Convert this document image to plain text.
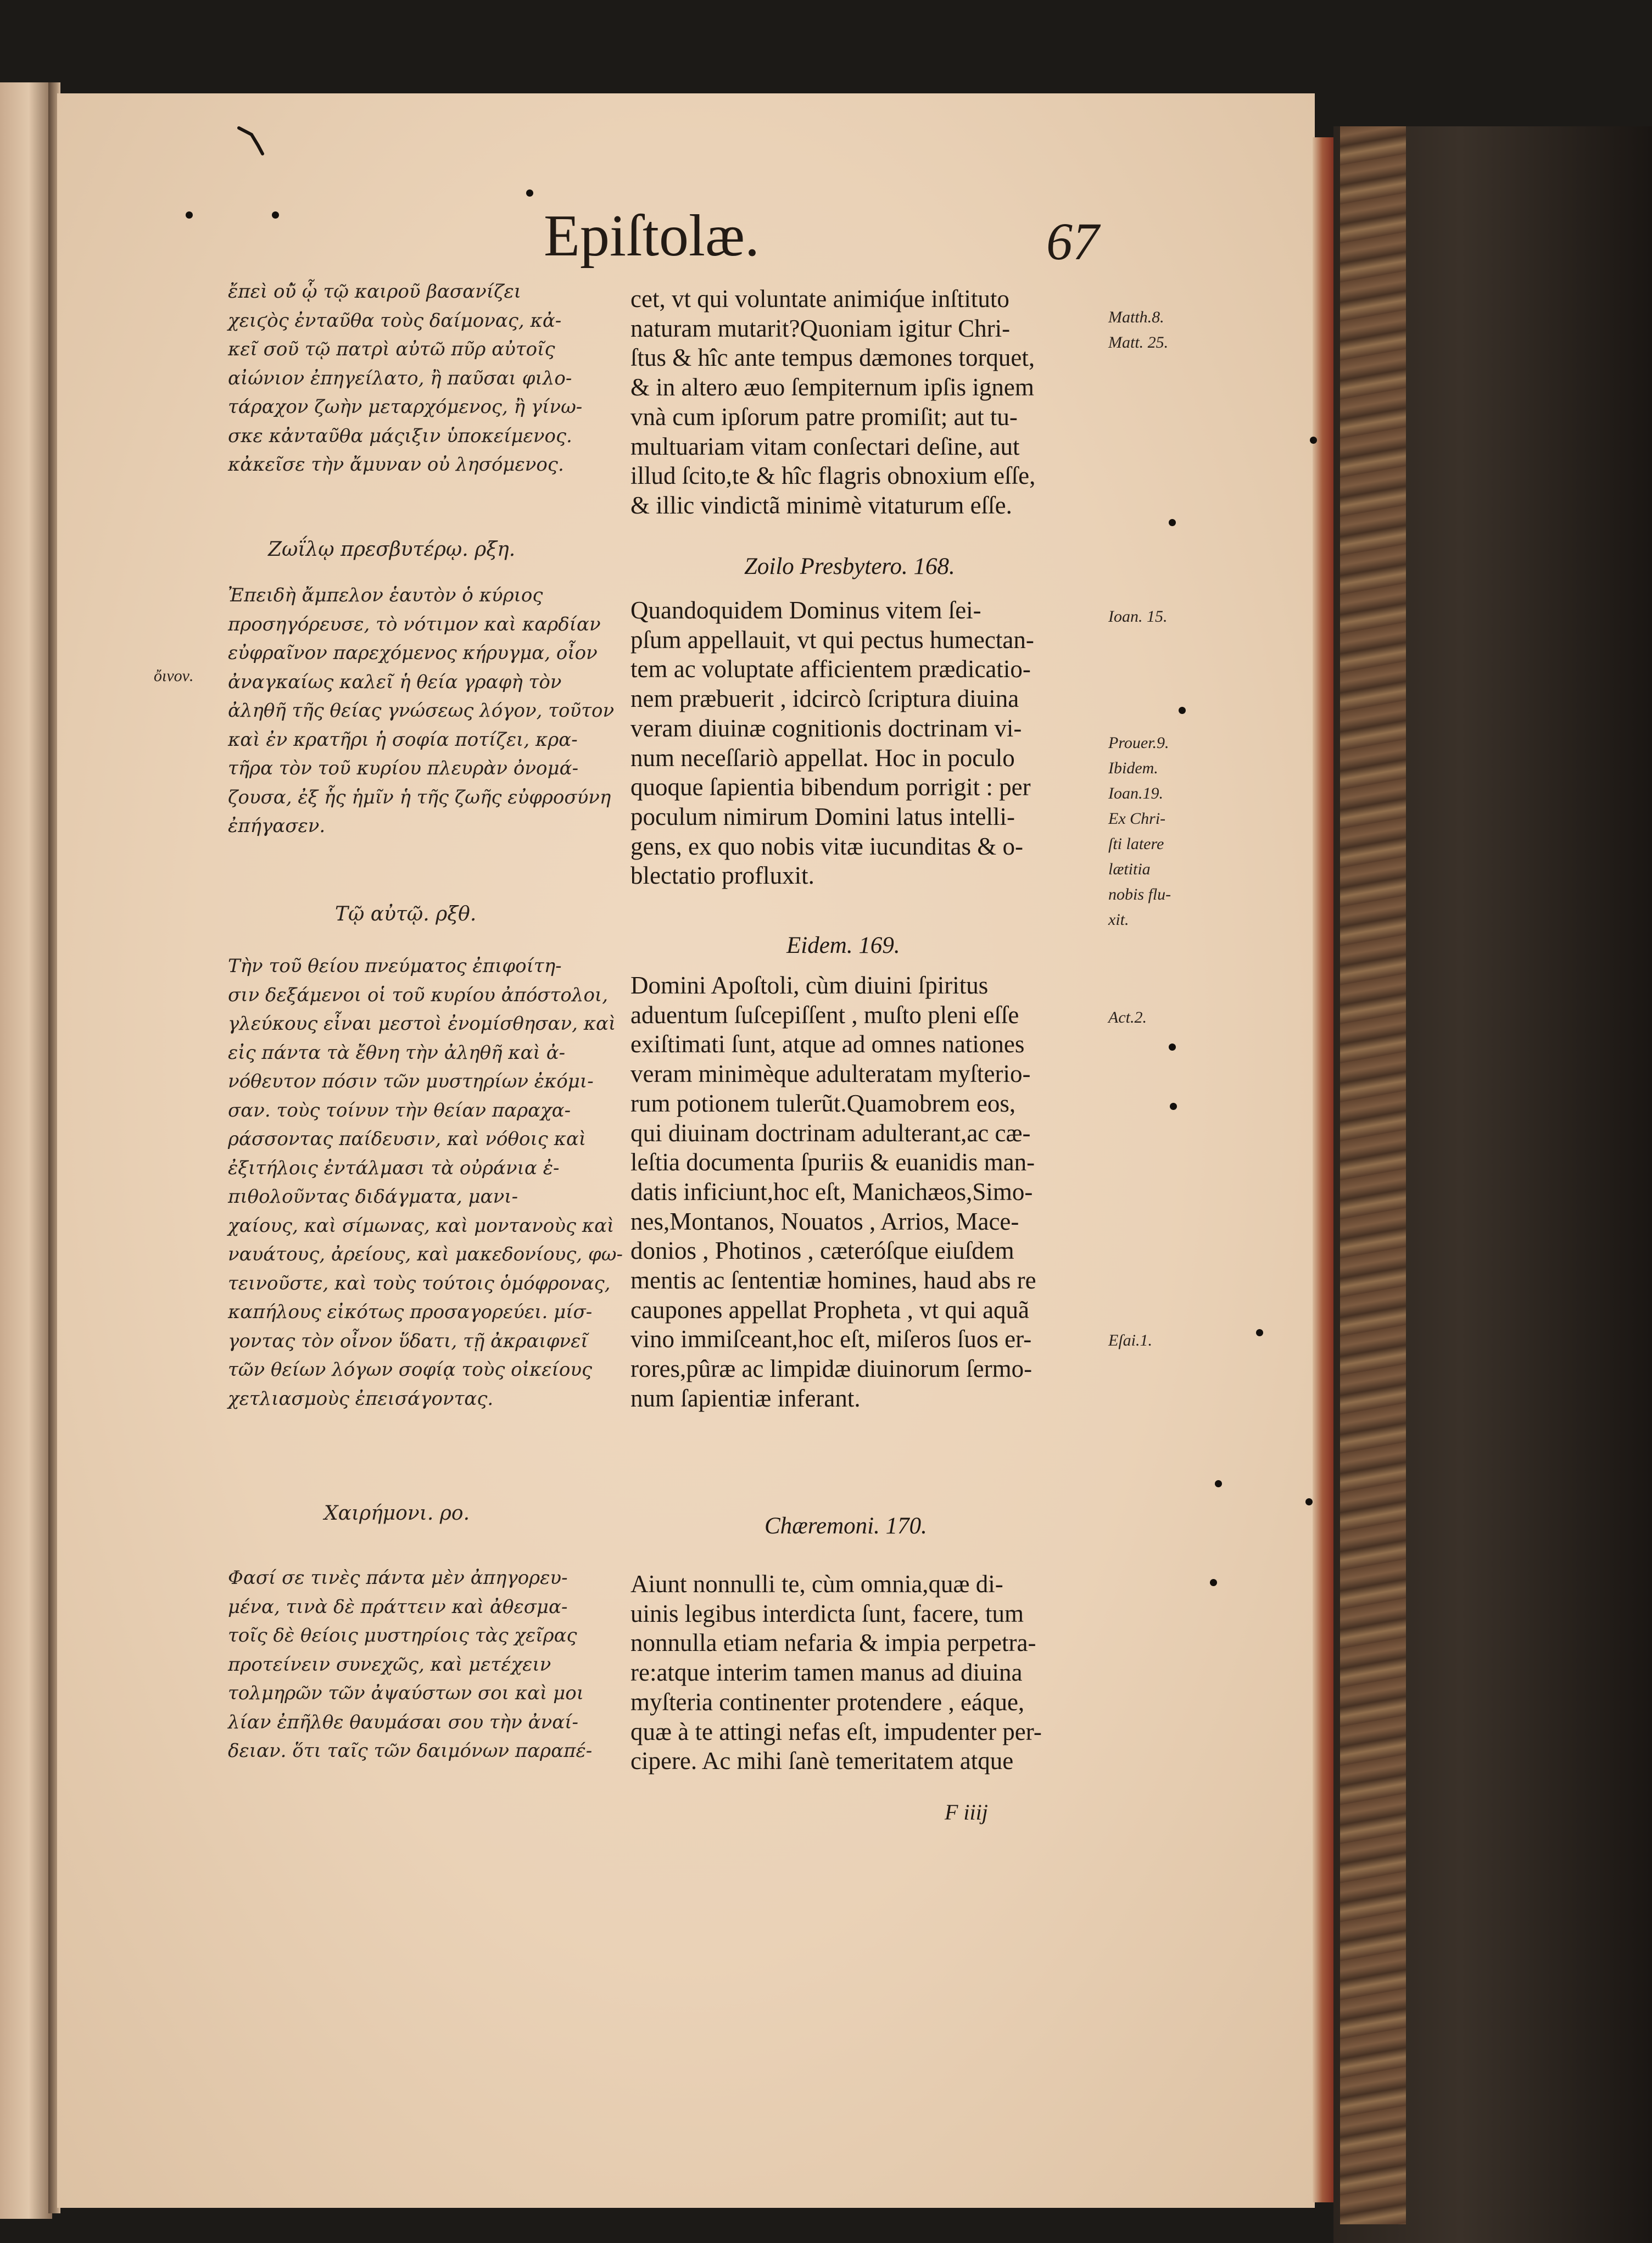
Epiſtolæ.	67
ἔπεὶ οὐ̃ ᾧ τῷ καιροῦ βασανίζει
χειϛὸς ἐνταῦθα τοὺς δαίμονας, κἀ-
κεῖ σοῦ τῷ πατρὶ αὐτῶ πῦρ αὐτοῖς
αἰώνιον ἐπηγείλατο, ἢ παῦσαι φιλο-
τάραχον ζωὴν μεταρχόμενος, ἢ γίνω-
σκε κἀνταῦθα μάςιξιν ὑποκείμενος.
κἀκεῖσε τὴν ἄμυναν οὐ λησόμενος.
Ζωΐλῳ πρεσβυτέρῳ. ρξη.
Ἐπειδὴ ἄμπελον ἑαυτὸν ὁ κύριος
προσηγόρευσε, τὸ νότιμον καὶ καρδίαν
εὐφραῖνον παρεχόμενος κήρυγμα, οἶον
ἀναγκαίως καλεῖ ἡ θεία γραφὴ τὸν
ἀληθῆ τῆς θείας γνώσεως λόγον, τοῦτον
καὶ ἐν κρατῆρι ἡ σοφία ποτίζει, κρα-
τῆρα τὸν τοῦ κυρίου πλευρὰν ὀνομά-
ζουσα, ἐξ ἧς ἡμῖν ἡ τῆς ζωῆς εὐφροσύνη
ἐπήγασεν.
Τῷ αὐτῷ. ρξθ.
Τὴν τοῦ θείου πνεύματος ἐπιφοίτη-
σιν δεξάμενοι οἱ τοῦ κυρίου ἀπόστολοι,
γλεύκους εἶναι μεστοὶ ἐνομίσθησαν, καὶ
εἰς πάντα τὰ ἔθνη τὴν ἀληθῆ καὶ ἀ-
νόθευτον πόσιν τῶν μυστηρίων ἐκόμι-
σαν. τοὺς τοίνυν τὴν θείαν παραχα-
ράσσοντας παίδευσιν, καὶ νόθοις καὶ
ἐξιτήλοις ἐντάλμασι τὰ οὐράνια ἐ-
πιθολοῦντας διδάγματα, μανι-
χαίους, καὶ σίμωνας, καὶ μοντανοὺς καὶ
ναυάτους, ἀρείους, καὶ μακεδονίους, φω-
τεινοῦστε, καὶ τοὺς τούτοις ὁμόφρονας,
καπήλους εἰκότως προσαγορεύει. μίσ-
γοντας τὸν οἶνον ὕδατι, τῇ ἀκραιφνεῖ
τῶν θείων λόγων σοφίᾳ τοὺς οἰκείους
χετλιασμοὺς ἐπεισάγοντας.
Χαιρήμονι. ρο.
Φασί σε τινὲς πάντα μὲν ἀπηγορευ-
μένα, τινὰ δὲ πράττειν καὶ ἀθεσμα-
τοῖς δὲ θείοις μυστηρίοις τὰς χεῖρας
προτείνειν συνεχῶς, καὶ μετέχειν
τολμηρῶν τῶν ἀψαύστων σοι καὶ μοι
λίαν ἐπῆλθε θαυμάσαι σου τὴν ἀναί-
δειαν. ὅτι ταῖς τῶν δαιμόνων παραπέ-
cet, vt qui voluntate animiq́ue inſtituto
naturam mutarit?Quoniam igitur Chri-
ſtus & hîc ante tempus dæmones torquet,
& in altero æuo ſempiternum ipſis ignem
vnà cum ipſorum patre promiſit; aut tu-
multuariam vitam conſectari deſine, aut
illud ſcito,te & hîc flagris obnoxium eſſe,
& illic vindictã minimè vitaturum eſſe.
Zoilo Presbytero. 168.
Quandoquidem Dominus vitem ſei-
pſum appellauit, vt qui pectus humectan-
tem ac voluptate afficientem prædicatio-
nem præbuerit , idcircò ſcriptura diuina
veram diuinæ cognitionis doctrinam vi-
num neceſſariò appellat. Hoc in poculo
quoque ſapientia bibendum porrigit : per
poculum nimirum Domini latus intelli-
gens, ex quo nobis vitæ iucunditas & o-
blectatio profluxit.
Eidem. 169.
Domini Apoſtoli, cùm diuini ſpiritus
aduentum ſuſcepiſſent , muſto pleni eſſe
exiſtimati ſunt, atque ad omnes nationes
veram minimèque adulteratam myſterio-
rum potionem tulerũt.Quamobrem eos,
qui diuinam doctrinam adulterant,ac cæ-
leſtia documenta ſpuriis & euanidis man-
datis inficiunt,hoc eſt, Manichæos,Simo-
nes,Montanos, Nouatos , Arrios, Mace-
donios , Photinos , cæteróſque eiuſdem
mentis ac ſententiæ homines, haud abs re
caupones appellat Propheta , vt qui aquã
vino immiſceant,hoc eſt, miſeros ſuos er-
rores,pûræ ac limpidæ diuinorum ſermo-
num ſapientiæ inferant.
Chæremoni. 170.
Aiunt nonnulli te, cùm omnia,quæ di-
uinis legibus interdicta ſunt, facere, tum
nonnulla etiam nefaria & impia perpetra-
re:atque interim tamen manus ad diuina
myſteria continenter protendere , eáque,
quæ à te attingi nefas eſt, impudenter per-
cipere. Ac mihi ſanè temeritatem atque
F iiij
ὄινον.
Matth.8.
Matt. 25.
Ioan. 15.
Prouer.9.
Ibidem.
Ioan.19.
Ex Chri-
ſti latere
lætitia
nobis flu-
xit.
Act.2.
Eſai.1.
